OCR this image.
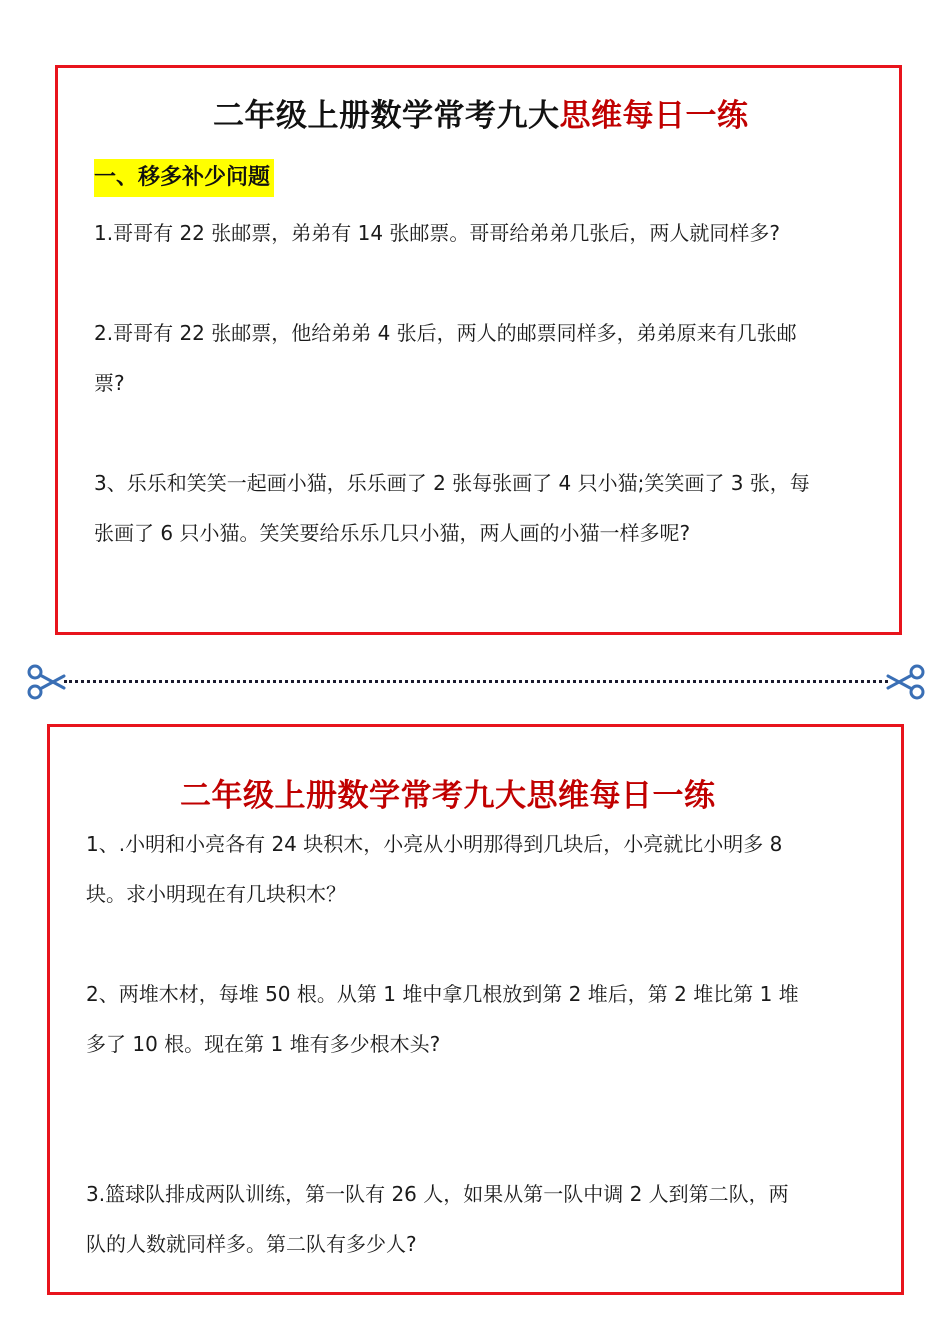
二年级上册数学常考九大思维每日一练
一、移多补少问题
1.哥哥有 22 张邮票，弟弟有 14 张邮票。哥哥给弟弟几张后，两人就同样多?
2.哥哥有 22 张邮票，他给弟弟 4 张后，两人的邮票同样多，弟弟原来有几张邮
票?
3、乐乐和笑笑一起画小猫，乐乐画了 2 张每张画了 4 只小猫;笑笑画了 3 张，每
张画了 6 只小猫。笑笑要给乐乐几只小猫，两人画的小猫一样多呢?
二年级上册数学常考九大思维每日一练
1、.小明和小亮各有 24 块积木，小亮从小明那得到几块后，小亮就比小明多 8
块。求小明现在有几块积木？
2、两堆木材，每堆 50 根。从第 1 堆中拿几根放到第 2 堆后，第 2 堆比第 1 堆
多了 10 根。现在第 1 堆有多少根木头?
3.篮球队排成两队训练，第一队有 26 人，如果从第一队中调 2 人到第二队，两
队的人数就同样多。第二队有多少人?
